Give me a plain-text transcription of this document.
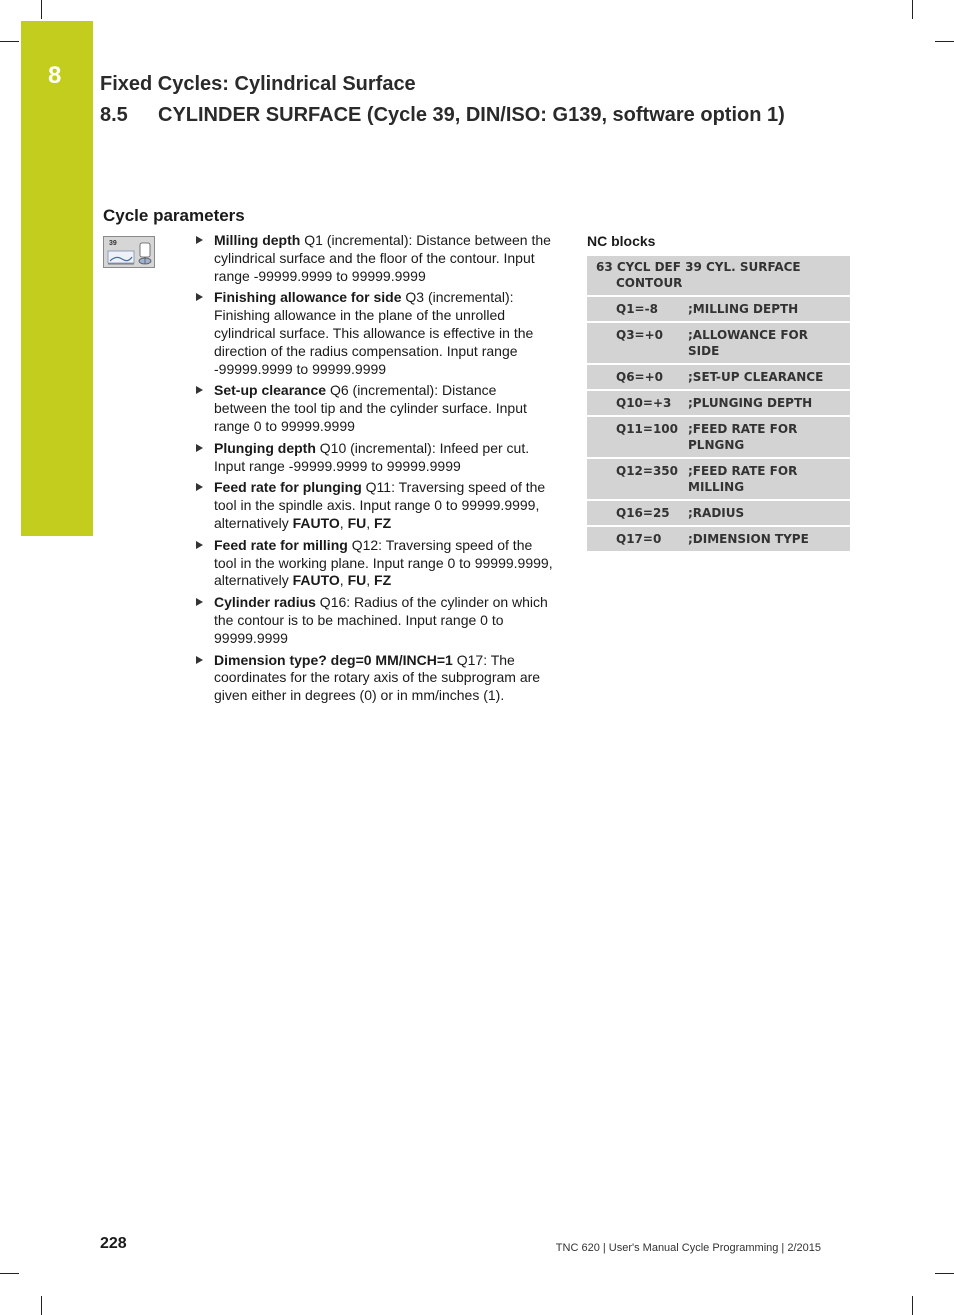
8	Fixed Cycles: Cylindrical Surface
8.5 CYLINDER SURFACE (Cycle 39, DIN/ISO: G139, software option 1)
Cycle parameters
39	Milling depth Q1 (incremental): Distance between the cylindrical surface and the floor of the contour. Input range -99999.9999 to 99999.9999
Finishing allowance for side Q3 (incremental): Finishing allowance in the plane of the unrolled cylindrical surface. This allowance is effective in the direction of the radius compensation. Input range -99999.9999 to 99999.9999
Set-up clearance Q6 (incremental): Distance between the tool tip and the cylinder surface. Input range 0 to 99999.9999
Plunging depth Q10 (incremental): Infeed per cut. Input range -99999.9999 to 99999.9999
Feed rate for plunging Q11: Traversing speed of the tool in the spindle axis. Input range 0 to 99999.9999, alternatively FAUTO, FU, FZ
Feed rate for milling Q12: Traversing speed of the tool in the working plane. Input range 0 to 99999.9999, alternatively FAUTO, FU, FZ
Cylinder radius Q16: Radius of the cylinder on which the contour is to be machined. Input range 0 to 99999.9999
Dimension type? deg=0 MM/INCH=1 Q17: The coordinates for the rotary axis of the subprogram are given either in degrees (0) or in mm/inches (1).
NC blocks
63 CYCL DEF 39 CYL. SURFACE
CONTOUR
Q1=-8	;MILLING DEPTH
Q3=+0	;ALLOWANCE FOR SIDE
Q6=+0	;SET-UP CLEARANCE
Q10=+3	;PLUNGING DEPTH
Q11=100 ;FEED RATE FOR PLNGNG
Q12=350 ;FEED RATE FOR MILLING
Q16=25	;RADIUS
Q17=0	;DIMENSION TYPE
228	TNC 620 | User's Manual Cycle Programming | 2/2015
